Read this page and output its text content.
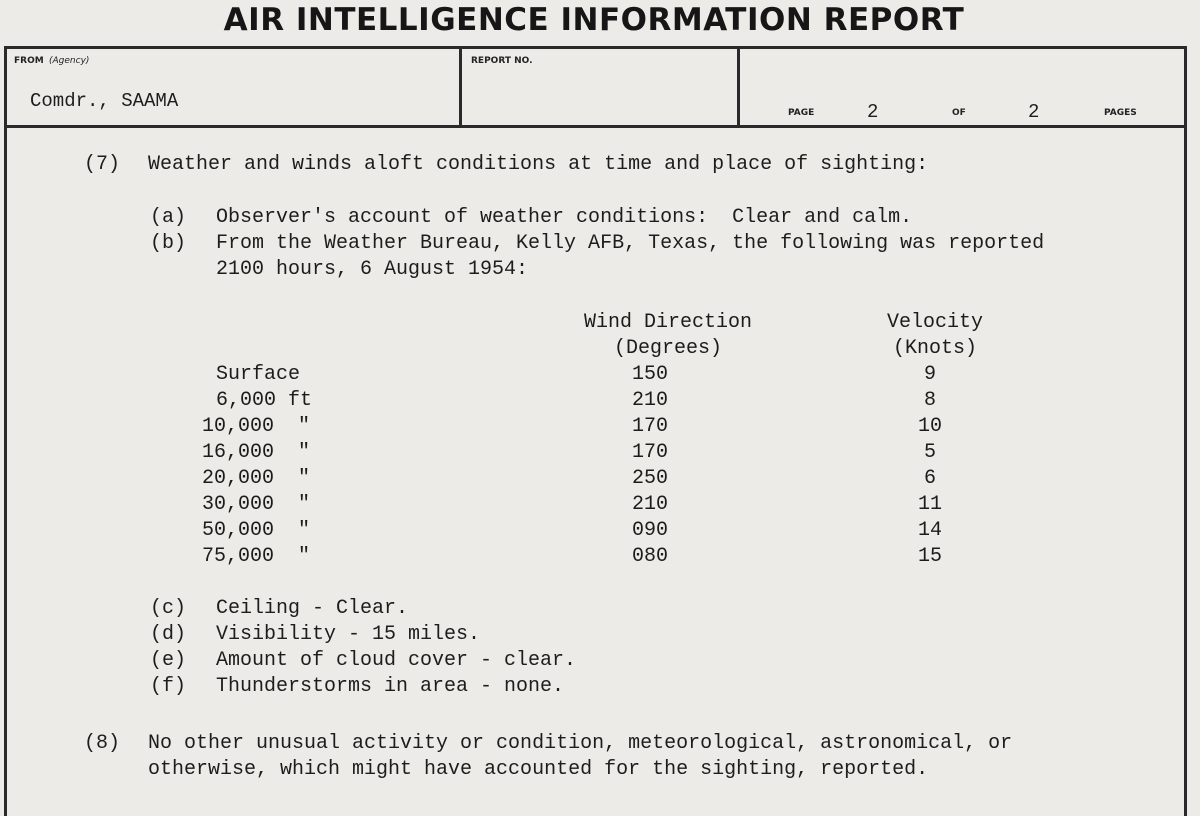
AIR INTELLIGENCE INFORMATION REPORT
FROM (Agency)
Comdr., SAAMA
REPORT NO.
PAGE	2	OF	2	PAGES
(7) Weather and winds aloft conditions at time and place of sighting:
(a) Observer's account of weather conditions:  Clear and calm.
(b) From the Weather Bureau, Kelly AFB, Texas, the following was reported
2100 hours, 6 August 1954:
Wind Direction
(Degrees)
Velocity
(Knots)
Surface	150	9
6,000 ft	210	8
10,000  "	170	10
16,000  "	170	5
20,000  "	250	6
30,000  "	210	11
50,000  "	090	14
75,000  "	080	15
(c) Ceiling - Clear.
(d) Visibility - 15 miles.
(e) Amount of cloud cover - clear.
(f) Thunderstorms in area - none.
(8) No other unusual activity or condition, meteorological, astronomical, or
otherwise, which might have accounted for the sighting, reported.
